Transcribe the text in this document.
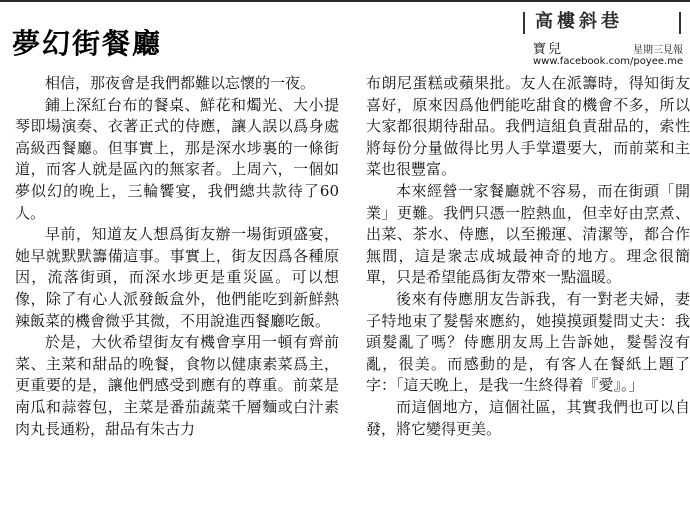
夢幻街餐廳
高樓斜巷
寶兒	星期三見報
www.facebook.com/poyee.me

相信，那夜會是我們都難以忘懷的一夜。

鋪上深紅台布的餐桌、鮮花和燭光、大小提琴即場演奏、衣著正式的侍應，讓人誤以爲身處高級西餐廳。但事實上，那是深水埗裏的一條街道，而客人就是區內的無家者。上周六，一個如夢似幻的晚上，三輪饗宴，我們總共款待了60人。

早前，知道友人想爲街友辦一場街頭盛宴，她早就默默籌備這事。事實上，街友因爲各種原因，流落街頭，而深水埗更是重災區。可以想像，除了有心人派發飯盒外，他們能吃到新鮮熱辣飯菜的機會微乎其微，不用說進西餐廳吃飯。

於是，大伙希望街友有機會享用一頓有齊前菜、主菜和甜品的晚餐，食物以健康素菜爲主，更重要的是，讓他們感受到應有的尊重。前菜是南瓜和蒜蓉包，主菜是番茄蔬菜千層麵或白汁素肉丸長通粉，甜品有朱古力

布朗尼蛋糕或蘋果批。友人在派籌時，得知街友喜好，原來因爲他們能吃甜食的機會不多，所以大家都很期待甜品。我們這組負責甜品的，索性將每份分量做得比男人手掌還要大，而前菜和主菜也很豐富。

本來經營一家餐廳就不容易，而在街頭「開業」更難。我們只憑一腔熱血，但幸好由烹煮、出菜、茶水、侍應，以至搬運、清潔等，都合作無間，這是衆志成城最神奇的地方。理念很簡單，只是希望能爲街友帶來一點溫暖。

後來有侍應朋友告訴我，有一對老夫婦，妻子特地束了髮髻來應約，她摸摸頭髮問丈夫：我頭髮亂了嗎？侍應朋友馬上告訴她，髮髻沒有亂，很美。而感動的是，有客人在餐紙上題了字：「這天晚上，是我一生終得着『愛』。」

而這個地方，這個社區，其實我們也可以自發，將它變得更美。
